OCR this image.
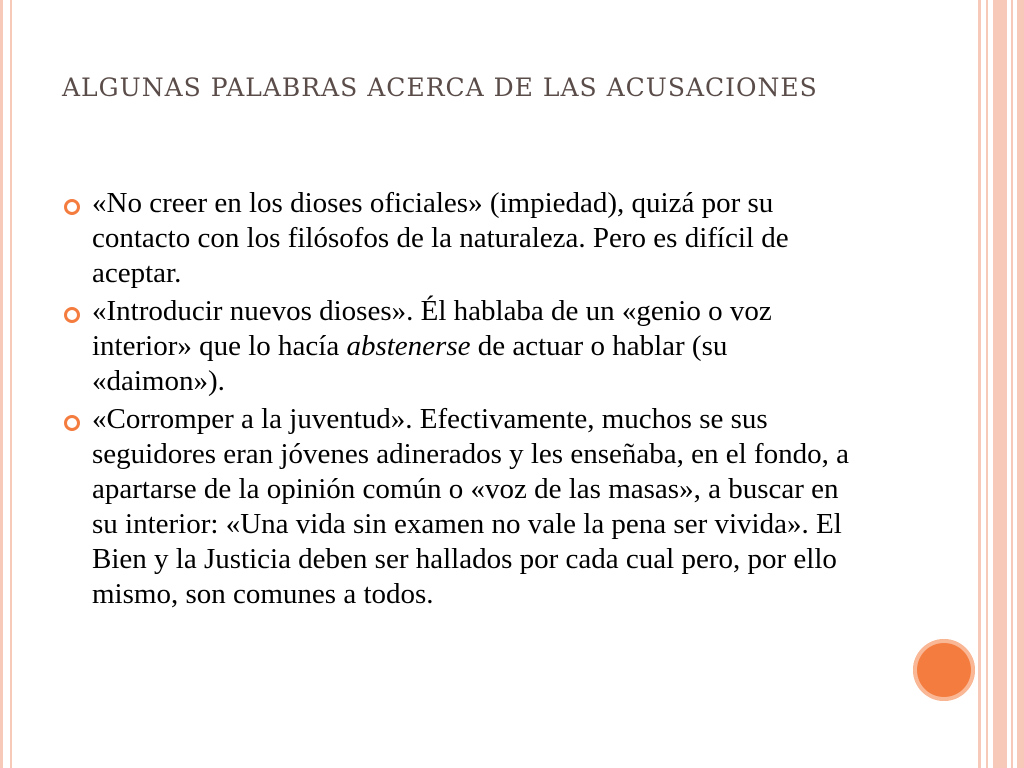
ALGUNAS PALABRAS ACERCA DE LAS ACUSACIONES
«No creer en los dioses oficiales» (impiedad), quizá por su contacto con los filósofos de la naturaleza. Pero es difícil de aceptar.
«Introducir nuevos dioses». Él hablaba de un «genio o voz interior» que lo hacía abstenerse de actuar o hablar (su «daimon»).
«Corromper a la juventud». Efectivamente, muchos se sus seguidores eran jóvenes adinerados y les enseñaba, en el fondo, a apartarse de la opinión común o «voz de las masas», a buscar en su interior: «Una vida sin examen no vale la pena ser vivida». El Bien y la Justicia deben ser hallados por cada cual pero, por ello mismo, son comunes a todos.
